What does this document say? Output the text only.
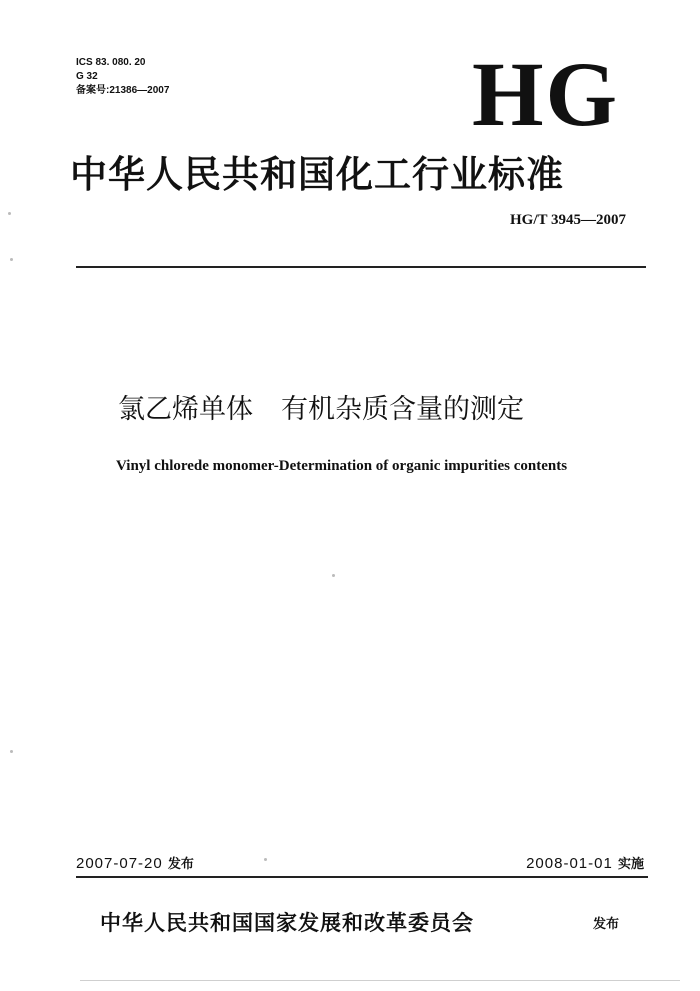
ICS 83. 080. 20
G 32
备案号:21386—2007	HG
中华人民共和国化工行业标准
HG/T 3945—2007
氯乙烯单体 有机杂质含量的测定
Vinyl chlorede monomer-Determination of organic impurities contents
2007-07-20 发布	2008-01-01 实施
中华人民共和国国家发展和改革委员会	发布
